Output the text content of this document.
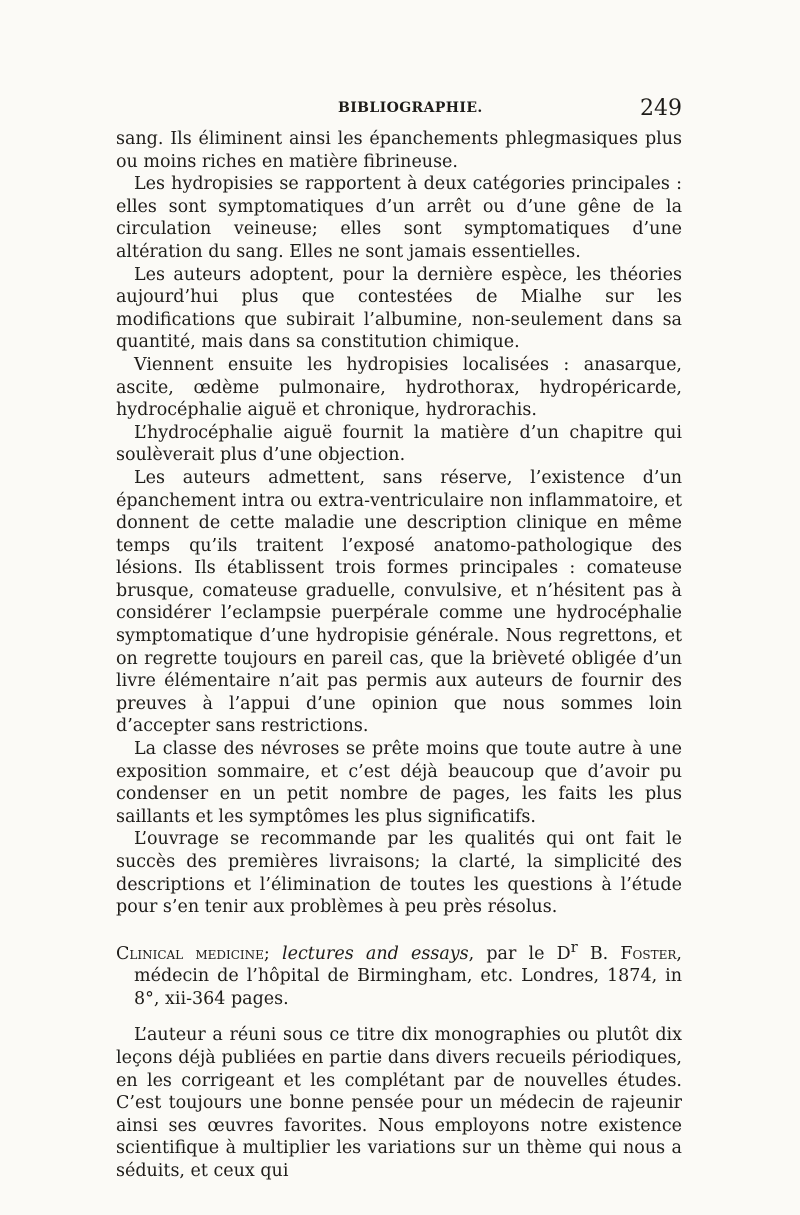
BIBLIOGRAPHIE.	249

sang. Ils éliminent ainsi les épanchements phlegmasiques plus ou moins riches en matière fibrineuse.

Les hydropisies se rapportent à deux catégories principales : elles sont symptomatiques d’un arrêt ou d’une gêne de la circulation veineuse; elles sont symptomatiques d’une altération du sang. Elles ne sont jamais essentielles.

Les auteurs adoptent, pour la dernière espèce, les théories aujourd’hui plus que contestées de Mialhe sur les modifications que subirait l’albumine, non-seulement dans sa quantité, mais dans sa constitution chimique.

Viennent ensuite les hydropisies localisées : anasarque, ascite, œdème pulmonaire, hydrothorax, hydropéricarde, hydrocéphalie aiguë et chronique, hydrorachis.

L’hydrocéphalie aiguë fournit la matière d’un chapitre qui soulèverait plus d’une objection.

Les auteurs admettent, sans réserve, l’existence d’un épanchement intra ou extra-ventriculaire non inflammatoire, et donnent de cette maladie une description clinique en même temps qu’ils traitent l’exposé anatomo-pathologique des lésions. Ils établissent trois formes principales : comateuse brusque, comateuse graduelle, convulsive, et n’hésitent pas à considérer l’eclampsie puerpérale comme une hydrocéphalie symptomatique d’une hydropisie générale. Nous regrettons, et on regrette toujours en pareil cas, que la brièveté obligée d’un livre élémentaire n’ait pas permis aux auteurs de fournir des preuves à l’appui d’une opinion que nous sommes loin d’accepter sans restrictions.

La classe des névroses se prête moins que toute autre à une exposition sommaire, et c’est déjà beaucoup que d’avoir pu condenser en un petit nombre de pages, les faits les plus saillants et les symptômes les plus significatifs.

L’ouvrage se recommande par les qualités qui ont fait le succès des premières livraisons; la clarté, la simplicité des descriptions et l’élimination de toutes les questions à l’étude pour s’en tenir aux problèmes à peu près résolus.

Clinical medicine; lectures and essays, par le $D^r$ B. Foster, médecin de l’hôpital de Birmingham, etc. Londres, 1874, in 8°, xii-364 pages.

L’auteur a réuni sous ce titre dix monographies ou plutôt dix leçons déjà publiées en partie dans divers recueils périodiques, en les corrigeant et les complétant par de nouvelles études. C’est toujours une bonne pensée pour un médecin de rajeunir ainsi ses œuvres favorites. Nous employons notre existence scientifique à multiplier les variations sur un thème qui nous a séduits, et ceux qui
